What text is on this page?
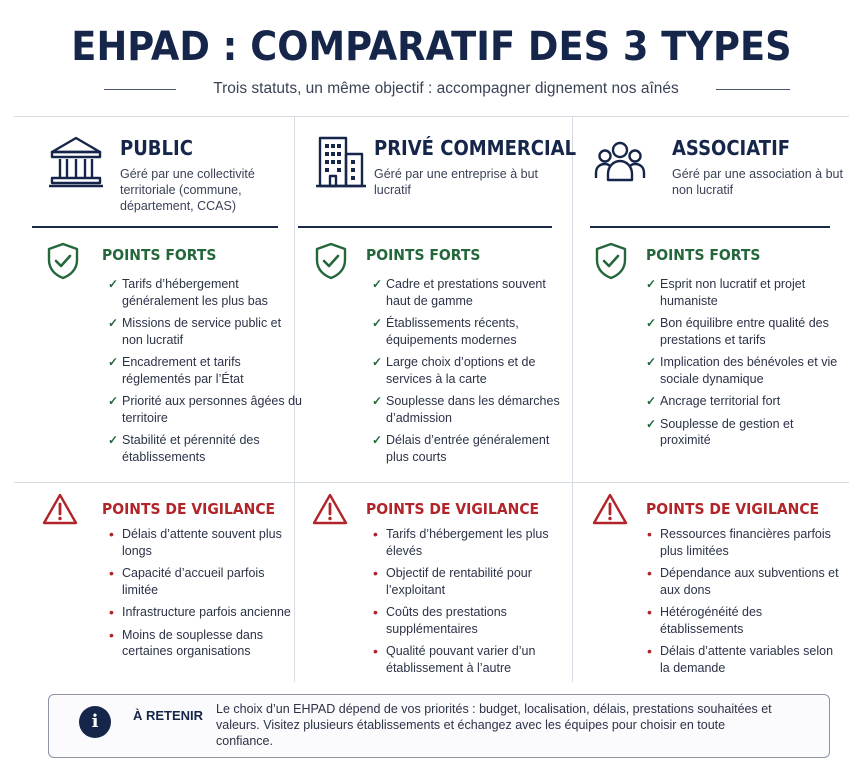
EHPAD : COMPARATIF DES 3 TYPES
Trois statuts, un même objectif : accompagner dignement nos aînés
PUBLIC

Géré par une collectivité territoriale (commune, département, CCAS)

POINTS FORTS
✓ Tarifs d’hébergement généralement les plus bas
✓ Missions de service public et non lucratif
✓ Encadrement et tarifs réglementés par l’État
✓ Priorité aux personnes âgées du territoire
✓ Stabilité et pérennité des établissements
POINTS DE VIGILANCE
• Délais d’attente souvent plus longs
• Capacité d’accueil parfois limitée
• Infrastructure parfois ancienne
• Moins de souplesse dans certaines organisations
PRIVÉ COMMERCIAL

Géré par une entreprise à but lucratif

POINTS FORTS
✓ Cadre et prestations souvent haut de gamme
✓ Établissements récents, équipements modernes
✓ Large choix d’options et de services à la carte
✓ Souplesse dans les démarches d’admission
✓ Délais d’entrée généralement plus courts
POINTS DE VIGILANCE
• Tarifs d’hébergement les plus élevés
• Objectif de rentabilité pour l’exploitant
• Coûts des prestations supplémentaires
• Qualité pouvant varier d’un établissement à l’autre
ASSOCIATIF

Géré par une association à but non lucratif

POINTS FORTS
✓ Esprit non lucratif et projet humaniste
✓ Bon équilibre entre qualité des prestations et tarifs
✓ Implication des bénévoles et vie sociale dynamique
✓ Ancrage territorial fort
✓ Souplesse de gestion et proximité
POINTS DE VIGILANCE
• Ressources financières parfois plus limitées
• Dépendance aux subventions et aux dons
• Hétérogénéité des établissements
• Délais d’attente variables selon la demande
i	À RETENIR Le choix d’un EHPAD dépend de vos priorités : budget, localisation, délais, prestations souhaitées et valeurs. Visitez plusieurs établissements et échangez avec les équipes pour choisir en toute confiance.
